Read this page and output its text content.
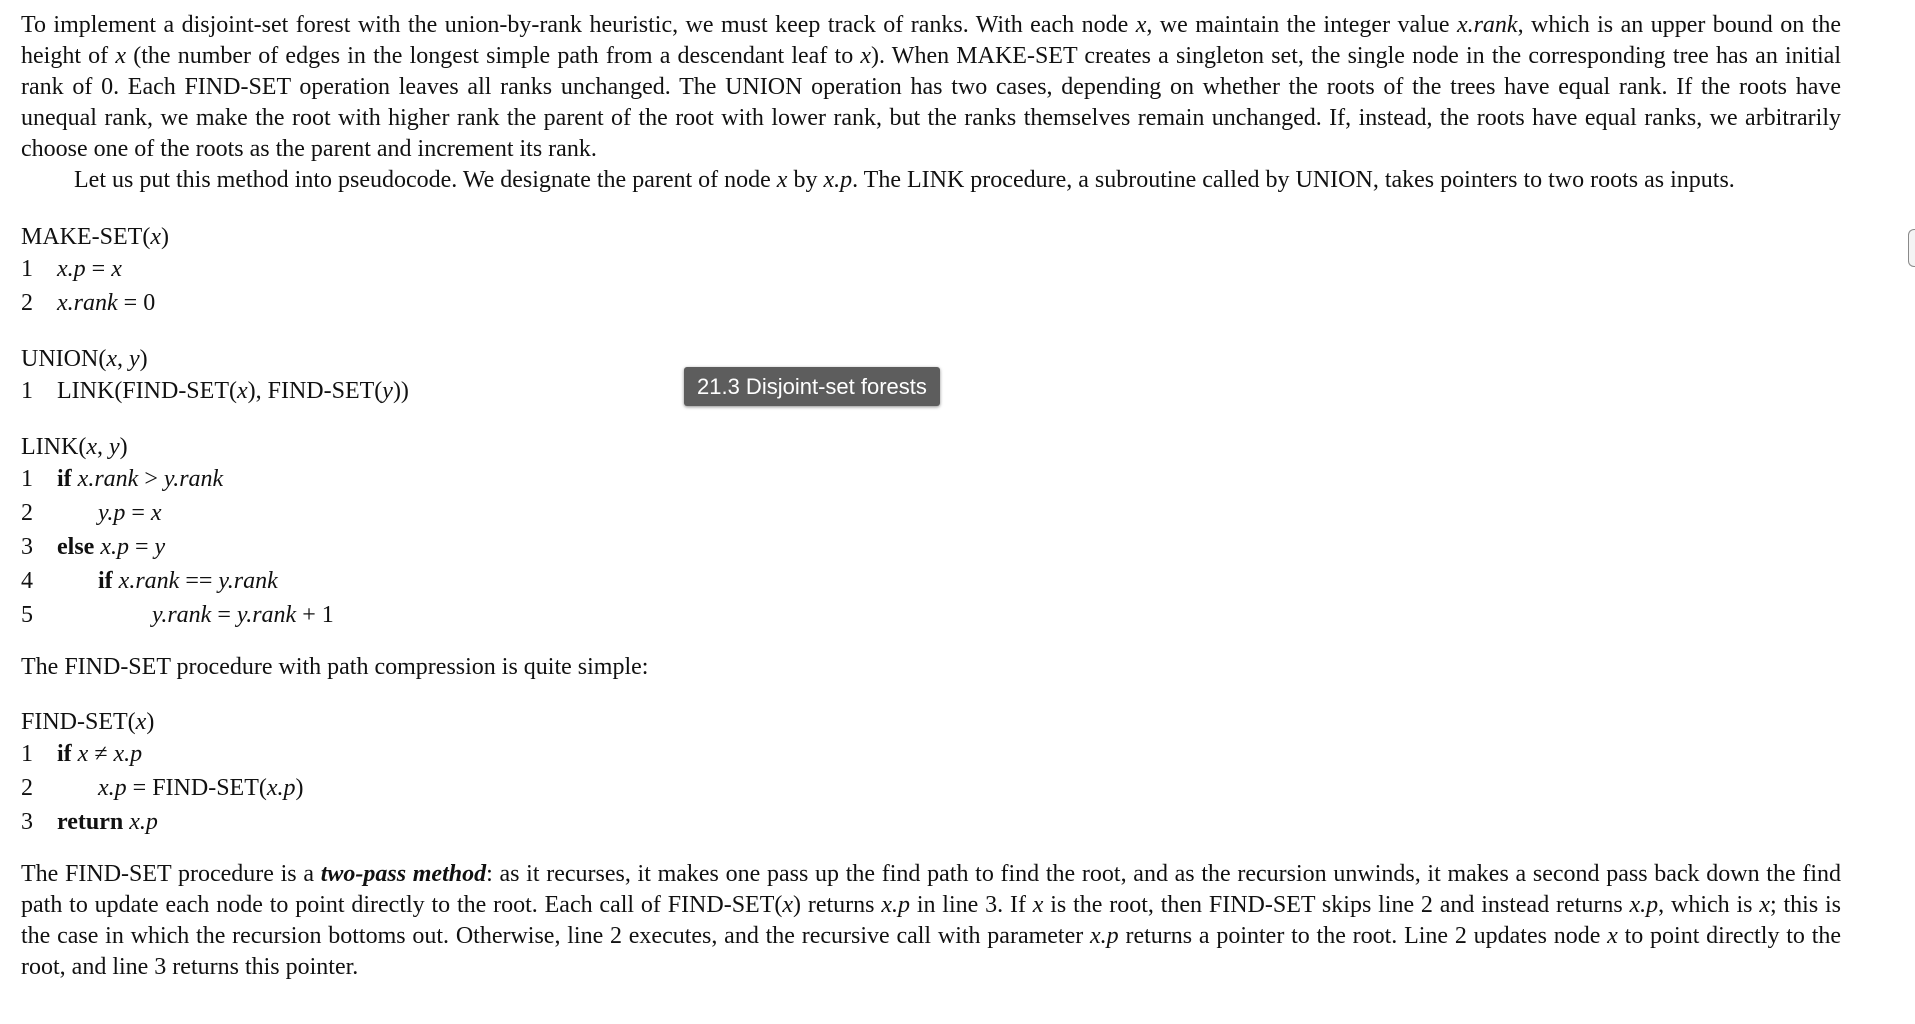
To implement a disjoint-set forest with the union-by-rank heuristic, we must keep track of ranks. With each node x, we maintain the integer value x.rank, which is an upper bound on the height of x (the number of edges in the longest simple path from a descendant leaf to x). When MAKE-SET creates a singleton set, the single node in the corresponding tree has an initial rank of 0. Each FIND-SET operation leaves all ranks unchanged. The UNION operation has two cases, depending on whether the roots of the trees have equal rank. If the roots have unequal rank, we make the root with higher rank the parent of the root with lower rank, but the ranks themselves remain unchanged. If, instead, the roots have equal ranks, we arbitrarily choose one of the roots as the parent and increment its rank.

Let us put this method into pseudocode. We designate the parent of node x by x.p. The LINK procedure, a subroutine called by UNION, takes pointers to two roots as inputs.

MAKE-SET(x)
1	x.p = x
2	x.rank = 0
UNION(x, y)
1	LINK(FIND-SET(x), FIND-SET(y))
LINK(x, y)
1	if x.rank > y.rank
2	y.p = x
3	else x.p = y
4	if x.rank == y.rank
5	y.rank = y.rank + 1

The FIND-SET procedure with path compression is quite simple:

FIND-SET(x)
1	if x ≠ x.p
2	x.p = FIND-SET(x.p)
3	return x.p

The FIND-SET procedure is a two-pass method: as it recurses, it makes one pass up the find path to find the root, and as the recursion unwinds, it makes a second pass back down the find path to update each node to point directly to the root. Each call of FIND-SET(x) returns x.p in line 3. If x is the root, then FIND-SET skips line 2 and instead returns x.p, which is x; this is the case in which the recursion bottoms out. Otherwise, line 2 executes, and the recursive call with parameter x.p returns a pointer to the root. Line 2 updates node x to point directly to the root, and line 3 returns this pointer.

21.3 Disjoint-set forests
